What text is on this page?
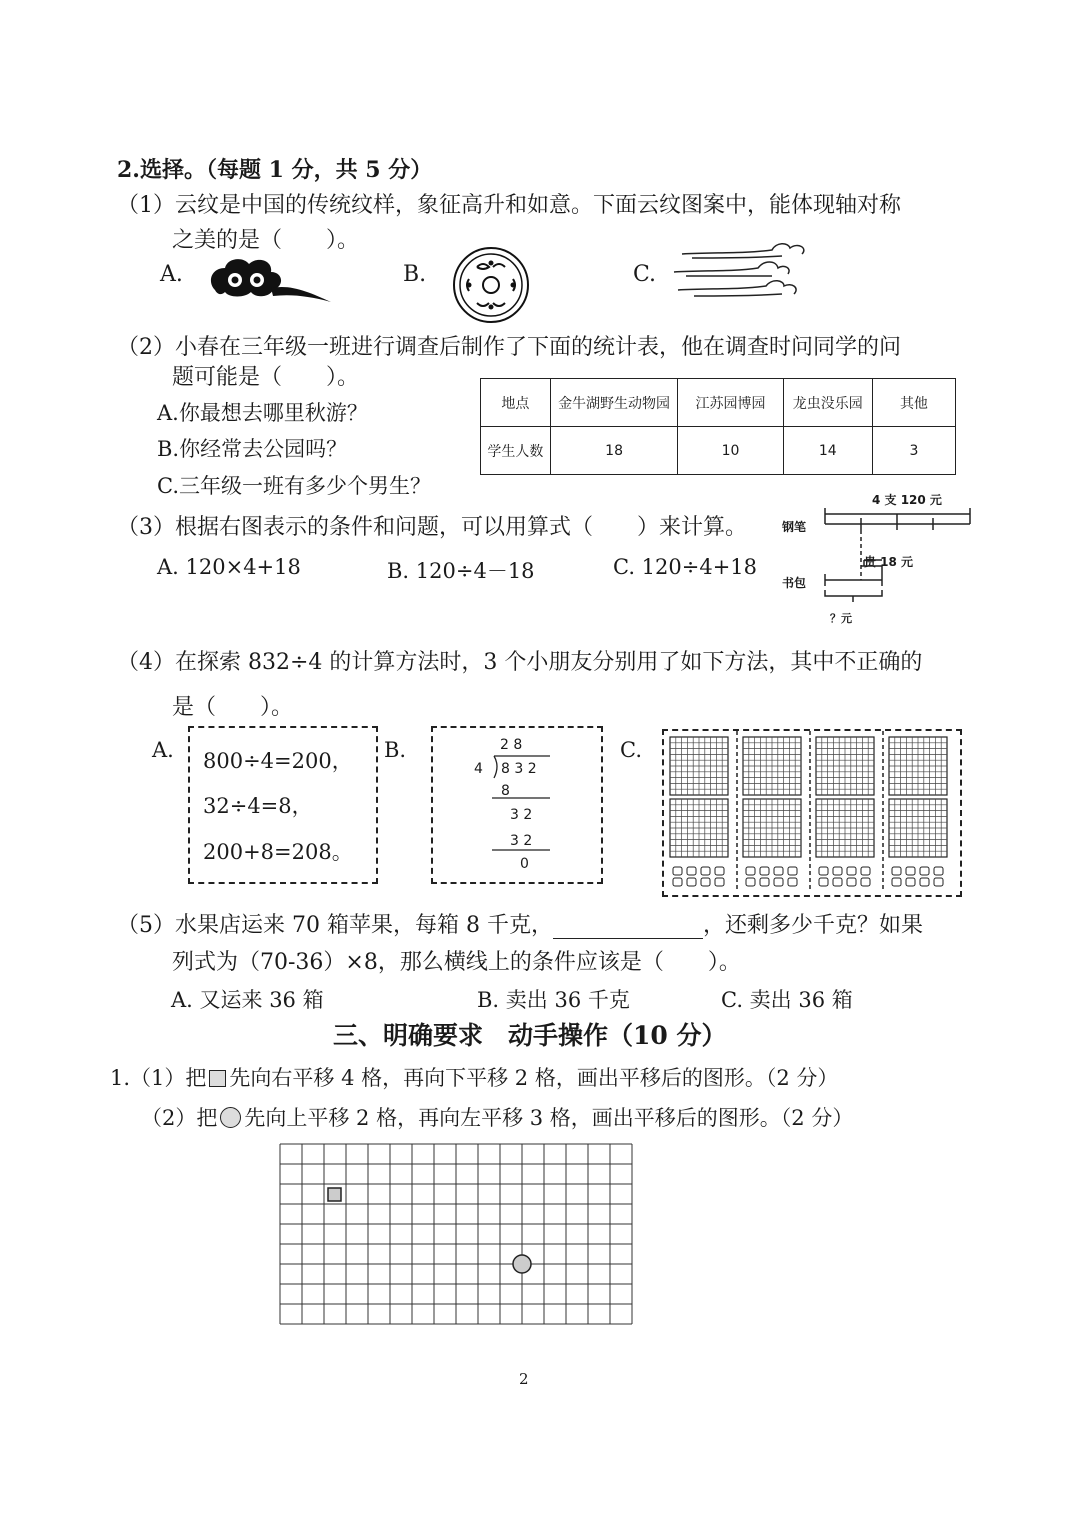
2.选择。（每题 1 分，共 5 分）
（1）云纹是中国的传统纹样，象征高升和如意。下面云纹图案中，能体现轴对称
之美的是（　　）。
A.	B.	C.
（2）小春在三年级一班进行调查后制作了下面的统计表，他在调查时问同学的问
题可能是（　　）。
A.你最想去哪里秋游？
B.你经常去公园吗？
C.三年级一班有多少个男生？
地点	金牛湖野生动物园	江苏园博园	龙虫没乐园	其他
学生人数	18	10	14	3
（3）根据右图表示的条件和问题，可以用算式（　　）来计算。
A. 120×4+18	B. 120÷4－18	C. 120÷4+18
4 支 120 元
钢笔
书包
贵 18 元
？元
（4）在探索 832÷4 的计算方法时，3 个小朋友分别用了如下方法，其中不正确的
是（　　）。
A.	B.	C.
800÷4=200，
32÷4=8，
200+8=208。
2 8
4 8 3 2
8
3 2
3 2
0
（5）水果店运来 70 箱苹果，每箱 8 千克，	，还剩多少千克？如果
列式为（70-36）×8，那么横线上的条件应该是（　　）。
A. 又运来 36 箱	B. 卖出 36 千克	C. 卖出 36 箱
三、明确要求　动手操作（10 分）
1.（1）把 先向右平移 4 格，再向下平移 2 格，画出平移后的图形。（2 分）
（2）把 先向上平移 2 格，再向左平移 3 格，画出平移后的图形。（2 分）
2
